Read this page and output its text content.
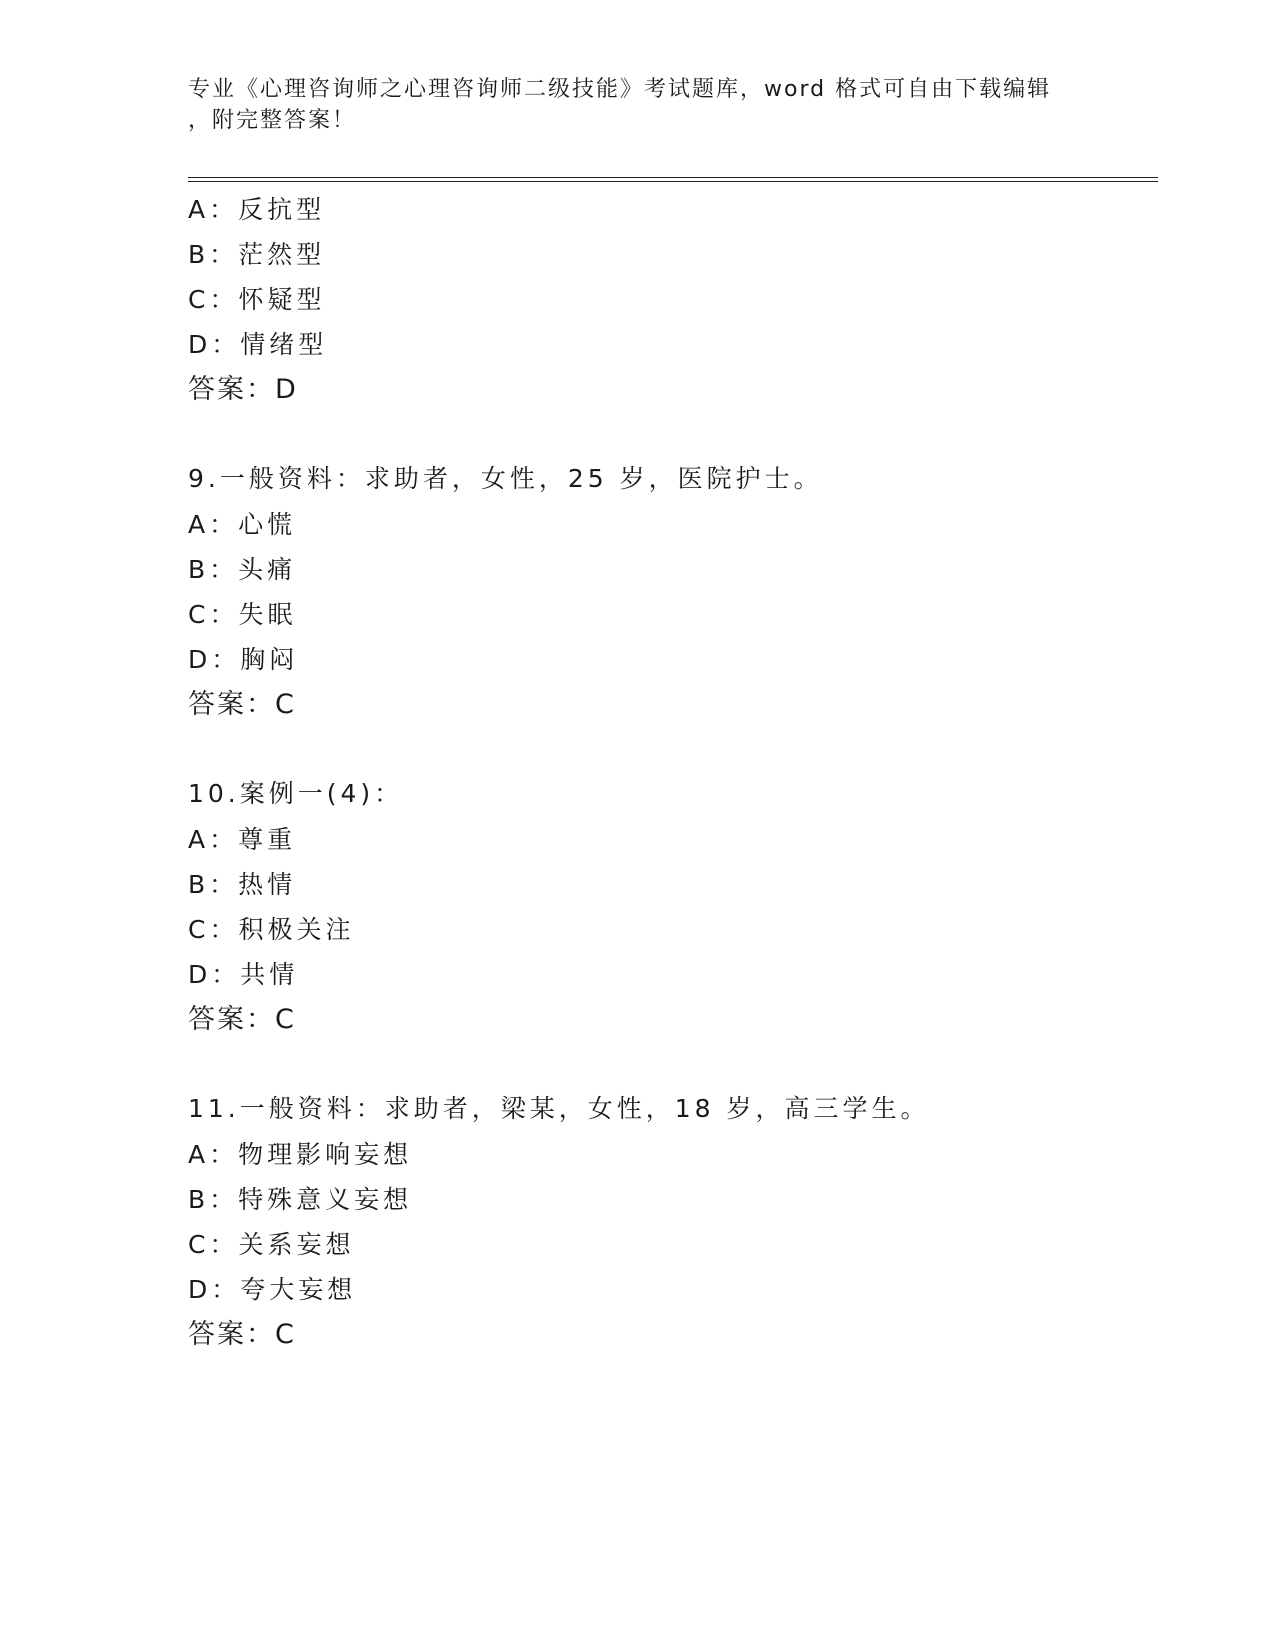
专业《心理咨询师之心理咨询师二级技能》考试题库，word 格式可自由下载编辑
，附完整答案！
A：反抗型
B：茫然型
C：怀疑型
D：情绪型
答案：D
9.一般资料：求助者，女性，25 岁，医院护士。
A：心慌
B：头痛
C：失眠
D：胸闷
答案：C
10.案例一(4)：
A：尊重
B：热情
C：积极关注
D：共情
答案：C
11.一般资料：求助者，梁某，女性，18 岁，高三学生。
A：物理影响妄想
B：特殊意义妄想
C：关系妄想
D：夸大妄想
答案：C
